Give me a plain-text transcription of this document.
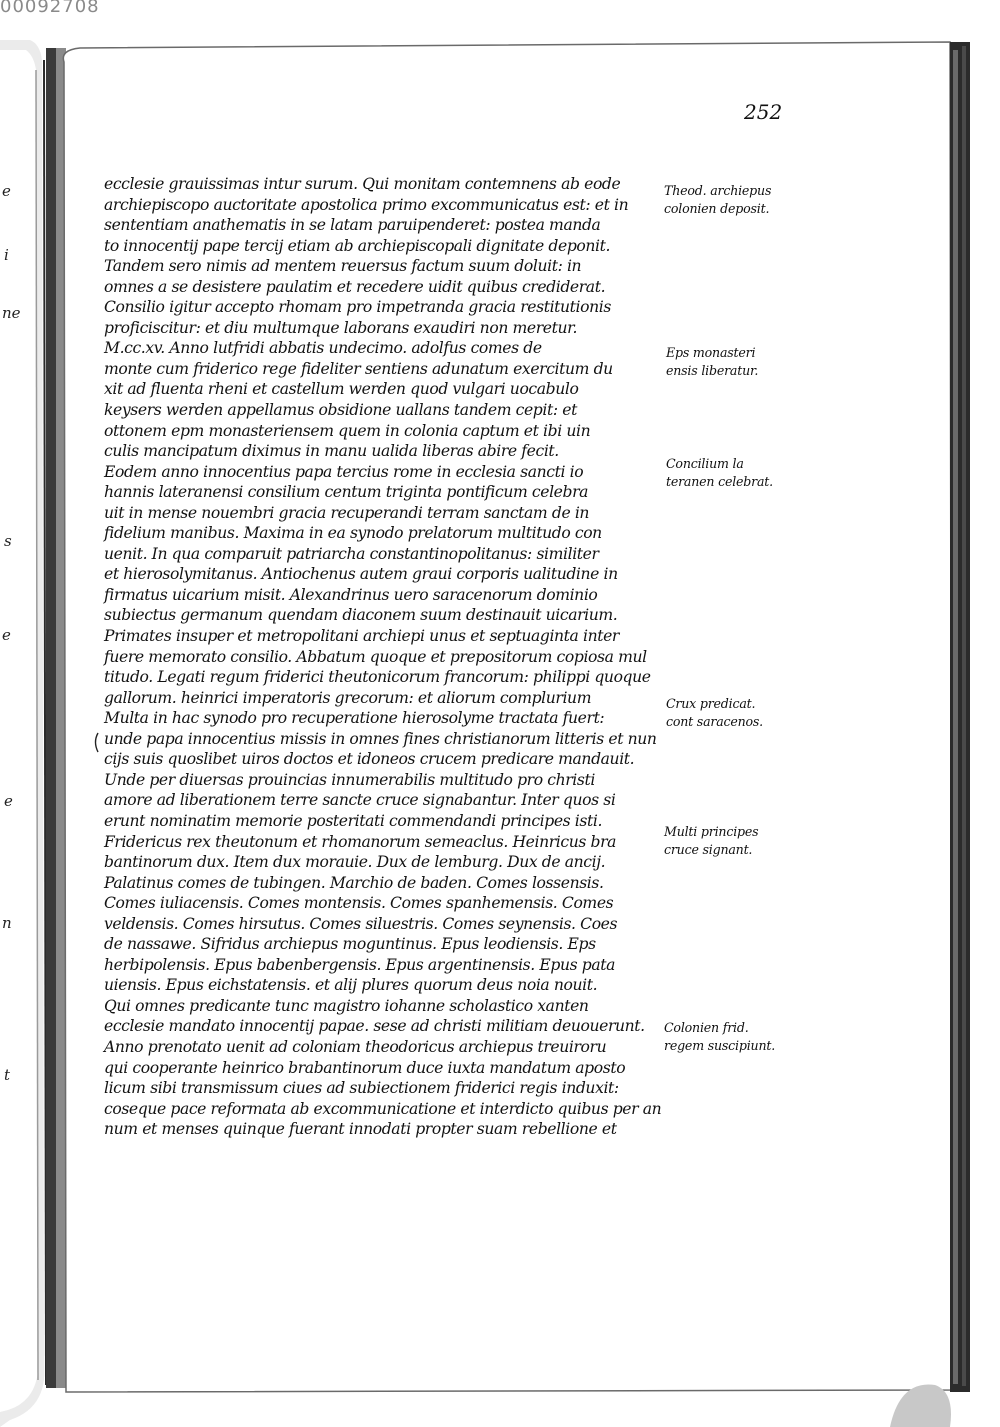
e
i
ne
s
e
e
n
t
00092708
252
ecclesie grauissimas intur surum. Qui monitam contemnens ab eode
archiepiscopo auctoritate apostolica primo excommunicatus est: et in
sententiam anathematis in se latam paruipenderet: postea manda
to innocentij pape tercij etiam ab archiepiscopali dignitate deponit.
Tandem sero nimis ad mentem reuersus factum suum doluit: in
omnes a se desistere paulatim et recedere uidit quibus crediderat.
Consilio igitur accepto rhomam pro impetranda gracia restitutionis
proficiscitur: et diu multumque laborans exaudiri non meretur.
M.cc.xv. Anno lutfridi abbatis undecimo. adolfus comes de
monte cum friderico rege fideliter sentiens adunatum exercitum du
xit ad fluenta rheni et castellum werden quod vulgari uocabulo
keysers werden appellamus obsidione uallans tandem cepit: et
ottonem epm monasteriensem quem in colonia captum et ibi uin
culis mancipatum diximus in manu ualida liberas abire fecit.
Eodem anno innocentius papa tercius rome in ecclesia sancti io
hannis lateranensi consilium centum triginta pontificum celebra
uit in mense nouembri gracia recuperandi terram sanctam de in
fidelium manibus. Maxima in ea synodo prelatorum multitudo con
uenit. In qua comparuit patriarcha constantinopolitanus: similiter
et hierosolymitanus. Antiochenus autem graui corporis ualitudine in
firmatus uicarium misit. Alexandrinus uero saracenorum dominio
subiectus germanum quendam diaconem suum destinauit uicarium.
Primates insuper et metropolitani archiepi unus et septuaginta inter
fuere memorato consilio. Abbatum quoque et prepositorum copiosa mul
titudo. Legati regum friderici theutonicorum francorum: philippi quoque
gallorum. heinrici imperatoris grecorum: et aliorum complurium
Multa in hac synodo pro recuperatione hierosolyme tractata fuert:
unde papa innocentius missis in omnes fines christianorum litteris et nun
cijs suis quoslibet uiros doctos et idoneos crucem predicare mandauit.
Unde per diuersas prouincias innumerabilis multitudo pro christi
amore ad liberationem terre sancte cruce signabantur. Inter quos si
erunt nominatim memorie posteritati commendandi principes isti.
Fridericus rex theutonum et rhomanorum semeaclus. Heinricus bra
bantinorum dux. Item dux morauie. Dux de lemburg. Dux de ancij.
Palatinus comes de tubingen. Marchio de baden. Comes lossensis.
Comes iuliacensis. Comes montensis. Comes spanhemensis. Comes
veldensis. Comes hirsutus. Comes siluestris. Comes seynensis. Coes
de nassawe. Sifridus archiepus moguntinus. Epus leodiensis. Eps
herbipolensis. Epus babenbergensis. Epus argentinensis. Epus pata
uiensis. Epus eichstatensis. et alij plures quorum deus noia nouit.
Qui omnes predicante tunc magistro iohanne scholastico xanten
ecclesie mandato innocentij papae. sese ad christi militiam deuouerunt.
Anno prenotato uenit ad coloniam theodoricus archiepus treuiroru
qui cooperante heinrico brabantinorum duce iuxta mandatum aposto
licum sibi transmissum ciues ad subiectionem friderici regis induxit:
coseque pace reformata ab excommunicatione et interdicto quibus per an
num et menses quinque fuerant innodati propter suam rebellione et
Theod. archiepus
colonien deposit.
Eps monasteri
ensis liberatur.
Concilium la
teranen celebrat.
Crux predicat.
cont saracenos.
Multi principes
cruce signant.
Colonien frid.
regem suscipiunt.
